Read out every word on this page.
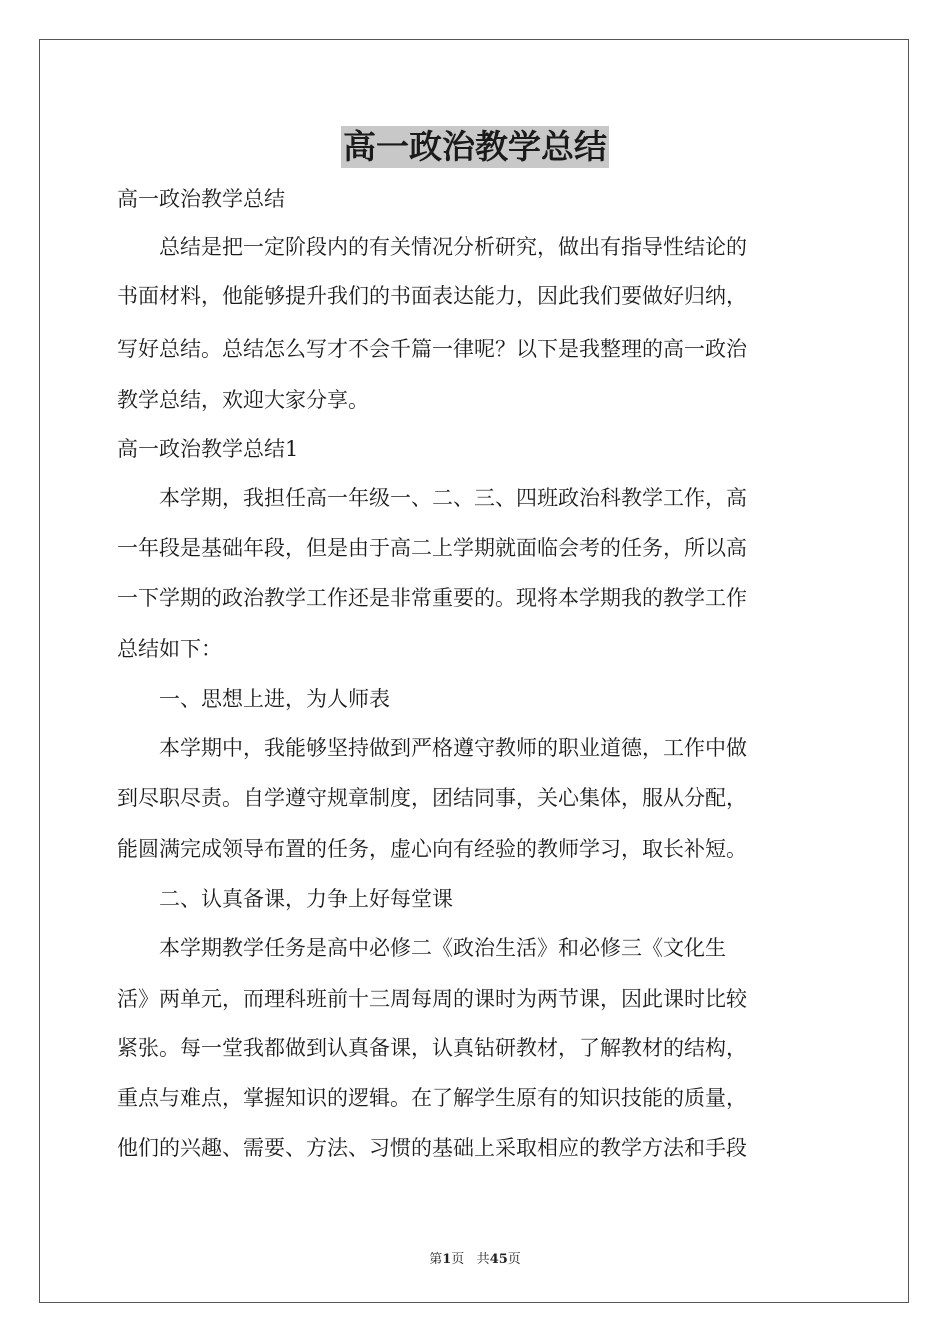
高一政治教学总结
高一政治教学总结
　　总结是把一定阶段内的有关情况分析研究，做出有指导性结论的
书面材料，他能够提升我们的书面表达能力，因此我们要做好归纳，
写好总结。总结怎么写才不会千篇一律呢？以下是我整理的高一政治
教学总结，欢迎大家分享。
高一政治教学总结1
　　本学期，我担任高一年级一、二、三、四班政治科教学工作，高
一年段是基础年段，但是由于高二上学期就面临会考的任务，所以高
一下学期的政治教学工作还是非常重要的。现将本学期我的教学工作
总结如下：
　　一、思想上进，为人师表
　　本学期中，我能够坚持做到严格遵守教师的职业道德，工作中做
到尽职尽责。自学遵守规章制度，团结同事，关心集体，服从分配，
能圆满完成领导布置的任务，虚心向有经验的教师学习，取长补短。
　　二、认真备课，力争上好每堂课
　　本学期教学任务是高中必修二《政治生活》和必修三《文化生
活》两单元，而理科班前十三周每周的课时为两节课，因此课时比较
紧张。每一堂我都做到认真备课，认真钻研教材，了解教材的结构，
重点与难点，掌握知识的逻辑。在了解学生原有的知识技能的质量，
他们的兴趣、需要、方法、习惯的基础上采取相应的教学方法和手段
第1页 共45页
